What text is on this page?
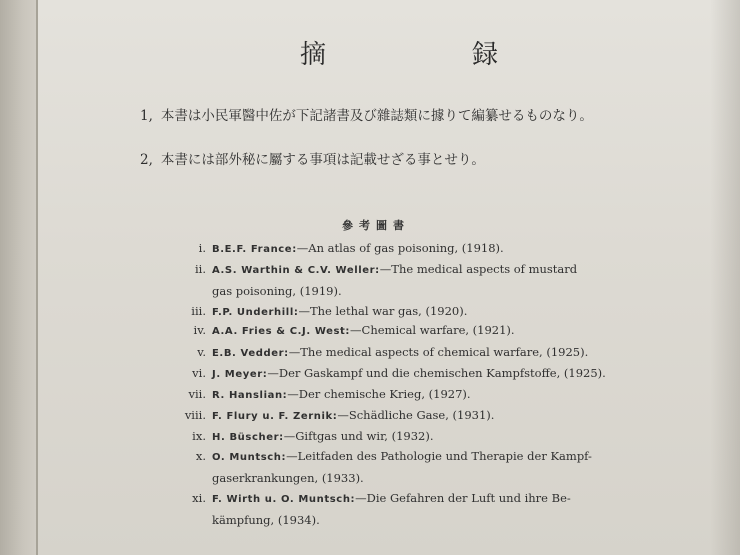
摘　録
1, 本書は小民軍醫中佐が下記諸書及び雜誌類に據りて編纂せるものなり。
2, 本書には部外秘に屬する事項は記載せざる事とせり。
參考圖書
i. B.E.F. France:—An atlas of gas poisoning, (1918).
ii. A.S. Warthin & C.V. Weller:—The medical aspects of mustard
gas poisoning, (1919).
iii. F.P. Underhill:—The lethal war gas, (1920).
iv. A.A. Fries & C.J. West:—Chemical warfare, (1921).
v. E.B. Vedder:—The medical aspects of chemical warfare, (1925).
vi. J. Meyer:—Der Gaskampf und die chemischen Kampfstoffe, (1925).
vii. R. Hanslian:—Der chemische Krieg, (1927).
viii. F. Flury u. F. Zernik:—Schädliche Gase, (1931).
ix. H. Büscher:—Giftgas und wir, (1932).
x. O. Muntsch:—Leitfaden des Pathologie und Therapie der Kampf-
gaserkrankungen, (1933).
xi. F. Wirth u. O. Muntsch:—Die Gefahren der Luft und ihre Be-
kämpfung, (1934).
